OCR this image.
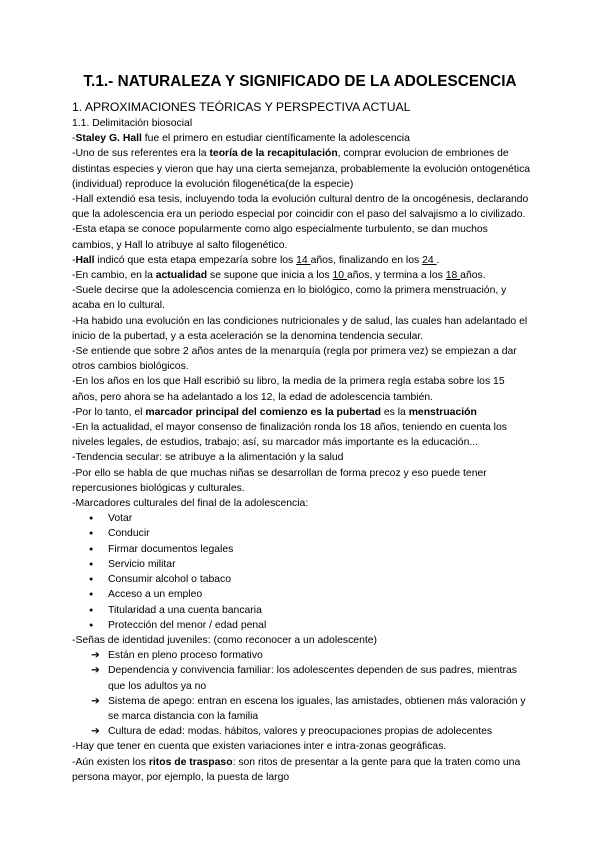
T.1.- NATURALEZA Y SIGNIFICADO DE LA ADOLESCENCIA
1. APROXIMACIONES TEÓRICAS Y PERSPECTIVA ACTUAL
1.1. Delimitación biosocial
-Staley G. Hall fue el primero en estudiar científicamente la adolescencia
-Uno de sus referentes era la teoría de la recapitulación, comprar evolucion de embriones de distintas especies y vieron que hay una cierta semejanza, probablemente la evolución ontogenética (individual) reproduce la evolución filogenética(de la especie)
-Hall extendió esa tesis, incluyendo toda la evolución cultural dentro de la oncogénesis, declarando que la adolescencia era un periodo especial por coincidir con el paso del salvajismo a lo civilizado.
-Esta etapa se conoce popularmente como algo especialmente turbulento, se dan muchos cambios, y Hall lo atribuye al salto filogenético.
-Hall indicó que esta etapa empezaría sobre los 14 años, finalizando en los 24 .
-En cambio, en la actualidad se supone que inicia a los 10 años, y termina a los 18 años.
-Suele decirse que la adolescencia comienza en lo biológico, como la primera menstruación, y acaba en lo cultural.
-Ha habido una evolución en las condiciones nutricionales y de salud, las cuales han adelantado el inicio de la pubertad, y a esta aceleración se la denomina tendencia secular.
-Se entiende que sobre 2 años antes de la menarquía (regla por primera vez) se empiezan a dar otros cambios biológicos.
-En los años en los que Hall escribió su libro, la media de la primera regla estaba sobre los 15 años, pero ahora se ha adelantado a los 12, la edad de adolescencia también.
-Por lo tanto, el marcador principal del comienzo es la pubertad es la menstruación
-En la actualidad, el mayor consenso de finalización ronda los 18 años, teniendo en cuenta los niveles legales, de estudios, trabajo; así, su marcador más importante es la educación...
-Tendencia secular: se atribuye a la alimentación y la salud
-Por ello se habla de que muchas niñas se desarrollan de forma precoz y eso puede tener repercusiones biológicas y culturales.
-Marcadores culturales del final de la adolescencia:
● Votar
● Conducir
● Firmar documentos legales
● Servicio militar
● Consumir alcohol o tabaco
● Acceso a un empleo
● Titularidad a una cuenta bancaria
● Protección del menor / edad penal
-Señas de identidad juveniles: (como reconocer a un adolescente)
➔ Están en pleno proceso formativo
➔ Dependencia y convivencia familiar: los adolescentes dependen de sus padres, mientras que los adultos ya no
➔ Sistema de apego: entran en escena los iguales, las amistades, obtienen más valoración y se marca distancia con la familia
➔ Cultura de edad: modas. hábitos, valores y preocupaciones propias de adolecentes
-Hay que tener en cuenta que existen variaciones inter e intra-zonas geográficas.
-Aún existen los ritos de traspaso: son ritos de presentar a la gente para que la traten como una persona mayor, por ejemplo, la puesta de largo
